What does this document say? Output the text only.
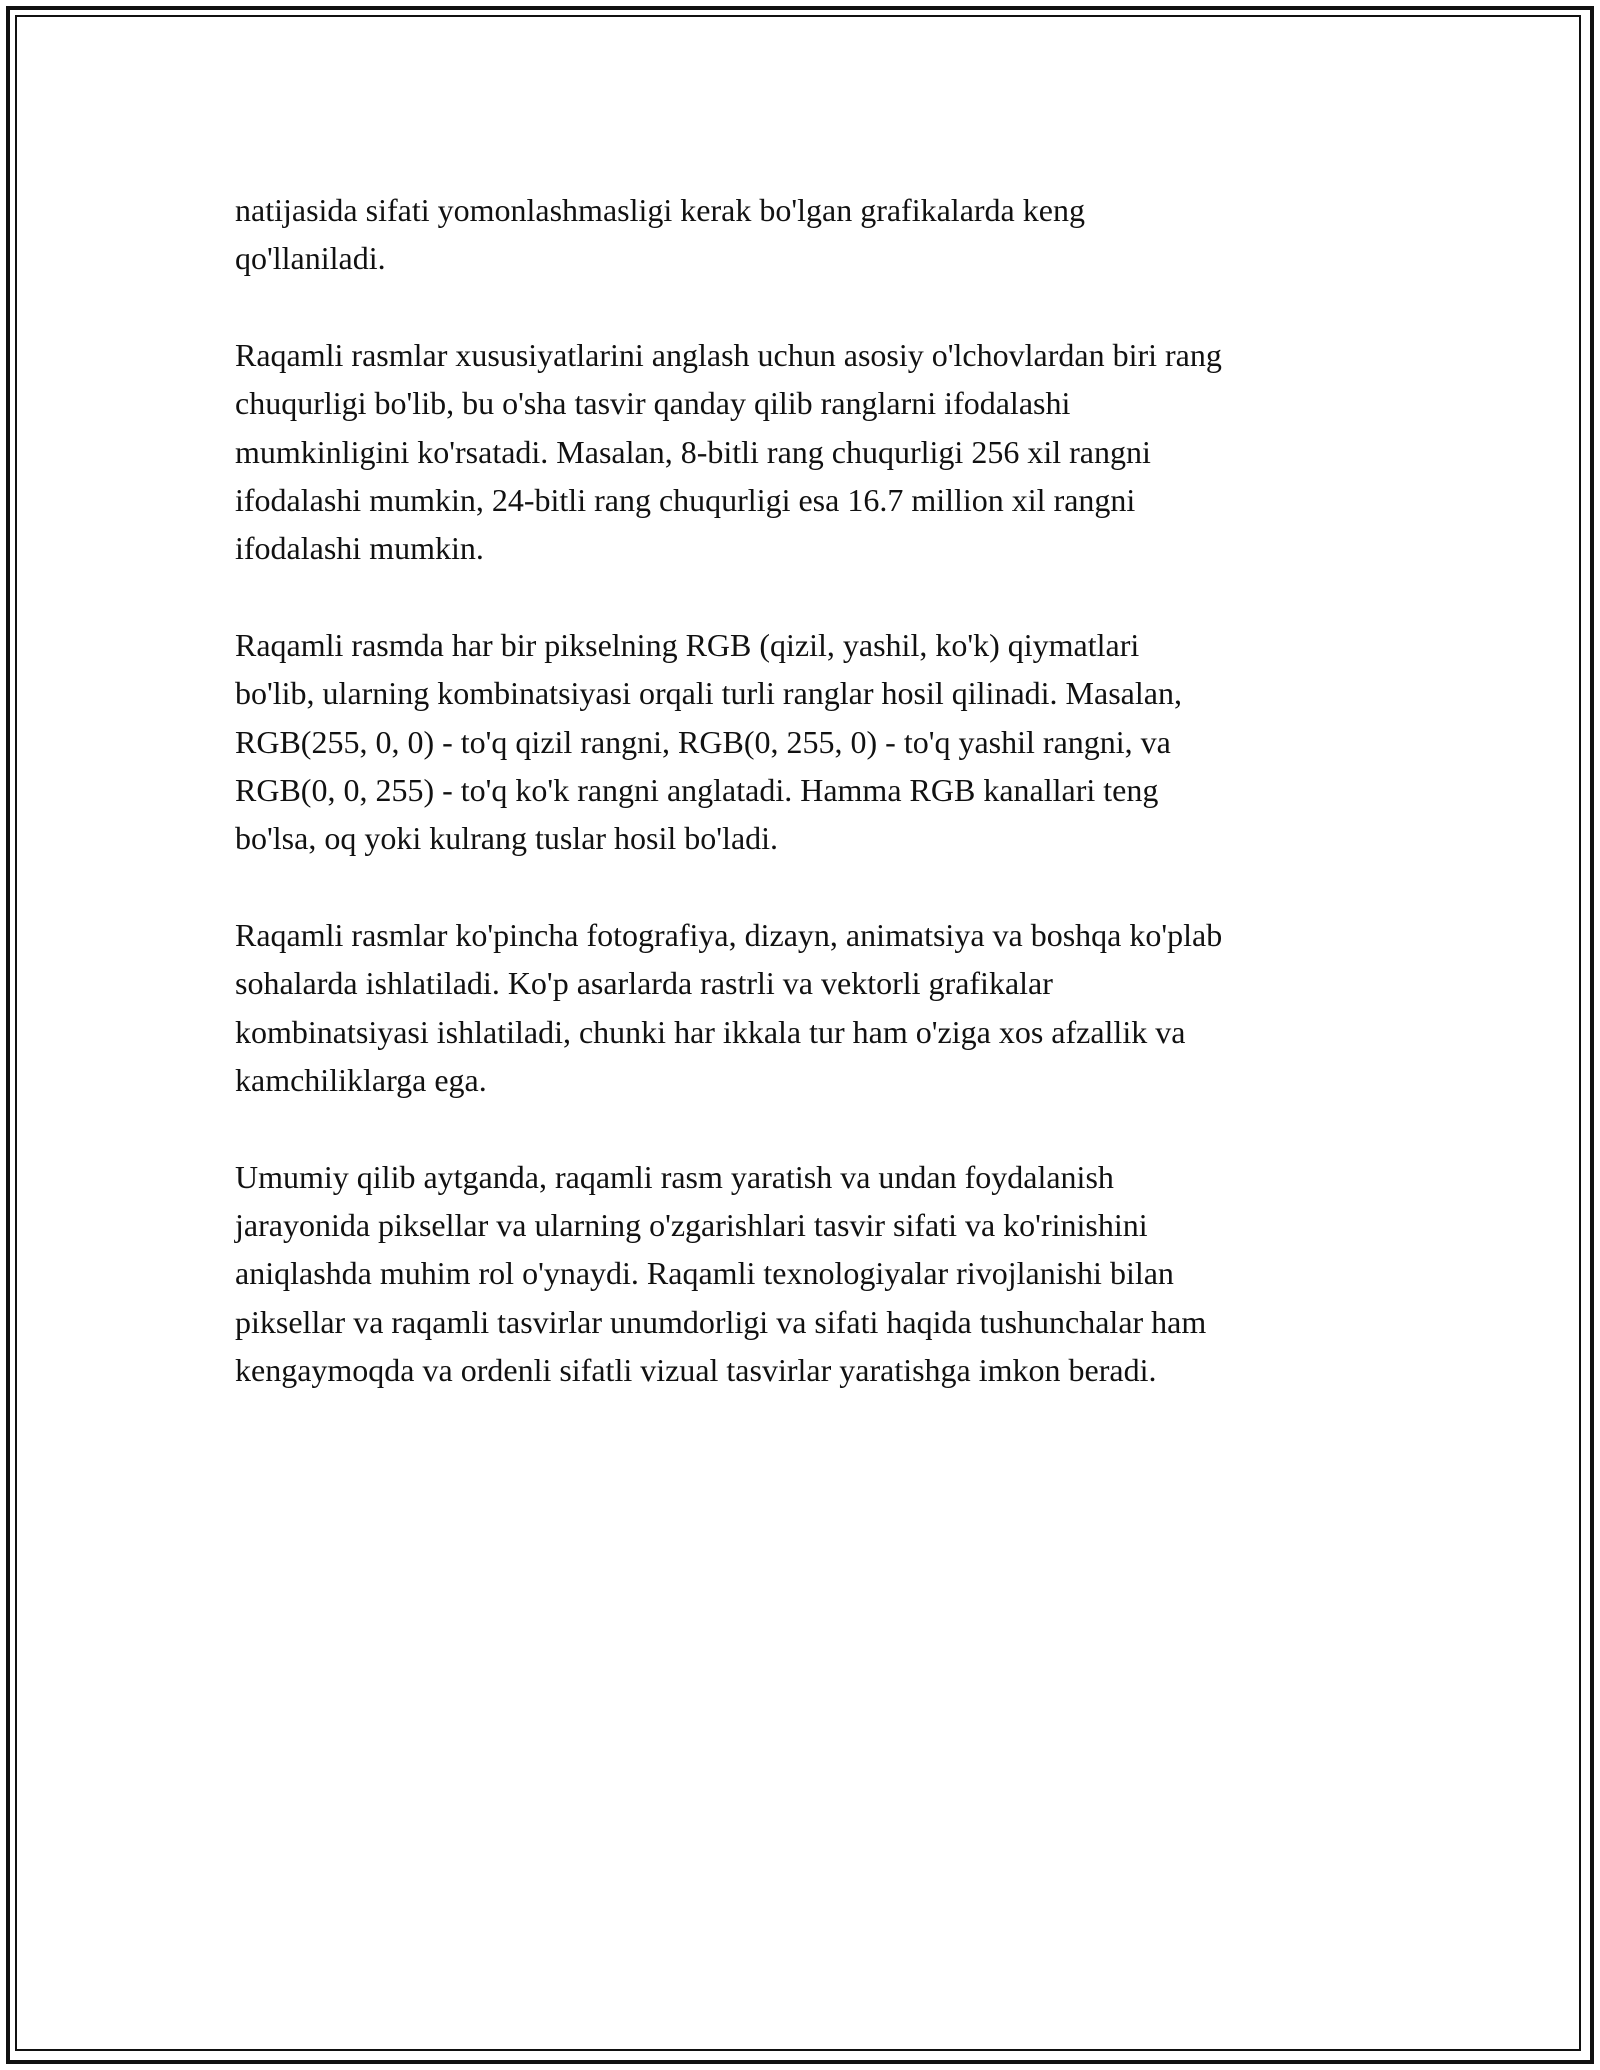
natijasida sifati yomonlashmasligi kerak bo'lgan grafikalarda keng
qo'llaniladi.

Raqamli rasmlar xususiyatlarini anglash uchun asosiy o'lchovlardan biri rang
chuqurligi bo'lib, bu o'sha tasvir qanday qilib ranglarni ifodalashi
mumkinligini ko'rsatadi. Masalan, 8-bitli rang chuqurligi 256 xil rangni
ifodalashi mumkin, 24-bitli rang chuqurligi esa 16.7 million xil rangni
ifodalashi mumkin.

Raqamli rasmda har bir pikselning RGB (qizil, yashil, ko'k) qiymatlari
bo'lib, ularning kombinatsiyasi orqali turli ranglar hosil qilinadi. Masalan,
RGB(255, 0, 0) - to'q qizil rangni, RGB(0, 255, 0) - to'q yashil rangni, va
RGB(0, 0, 255) - to'q ko'k rangni anglatadi. Hamma RGB kanallari teng
bo'lsa, oq yoki kulrang tuslar hosil bo'ladi.

Raqamli rasmlar ko'pincha fotografiya, dizayn, animatsiya va boshqa ko'plab
sohalarda ishlatiladi. Ko'p asarlarda rastrli va vektorli grafikalar
kombinatsiyasi ishlatiladi, chunki har ikkala tur ham o'ziga xos afzallik va
kamchiliklarga ega.

Umumiy qilib aytganda, raqamli rasm yaratish va undan foydalanish
jarayonida piksellar va ularning o'zgarishlari tasvir sifati va ko'rinishini
aniqlashda muhim rol o'ynaydi. Raqamli texnologiyalar rivojlanishi bilan
piksellar va raqamli tasvirlar unumdorligi va sifati haqida tushunchalar ham
kengaymoqda va ordenli sifatli vizual tasvirlar yaratishga imkon beradi.
